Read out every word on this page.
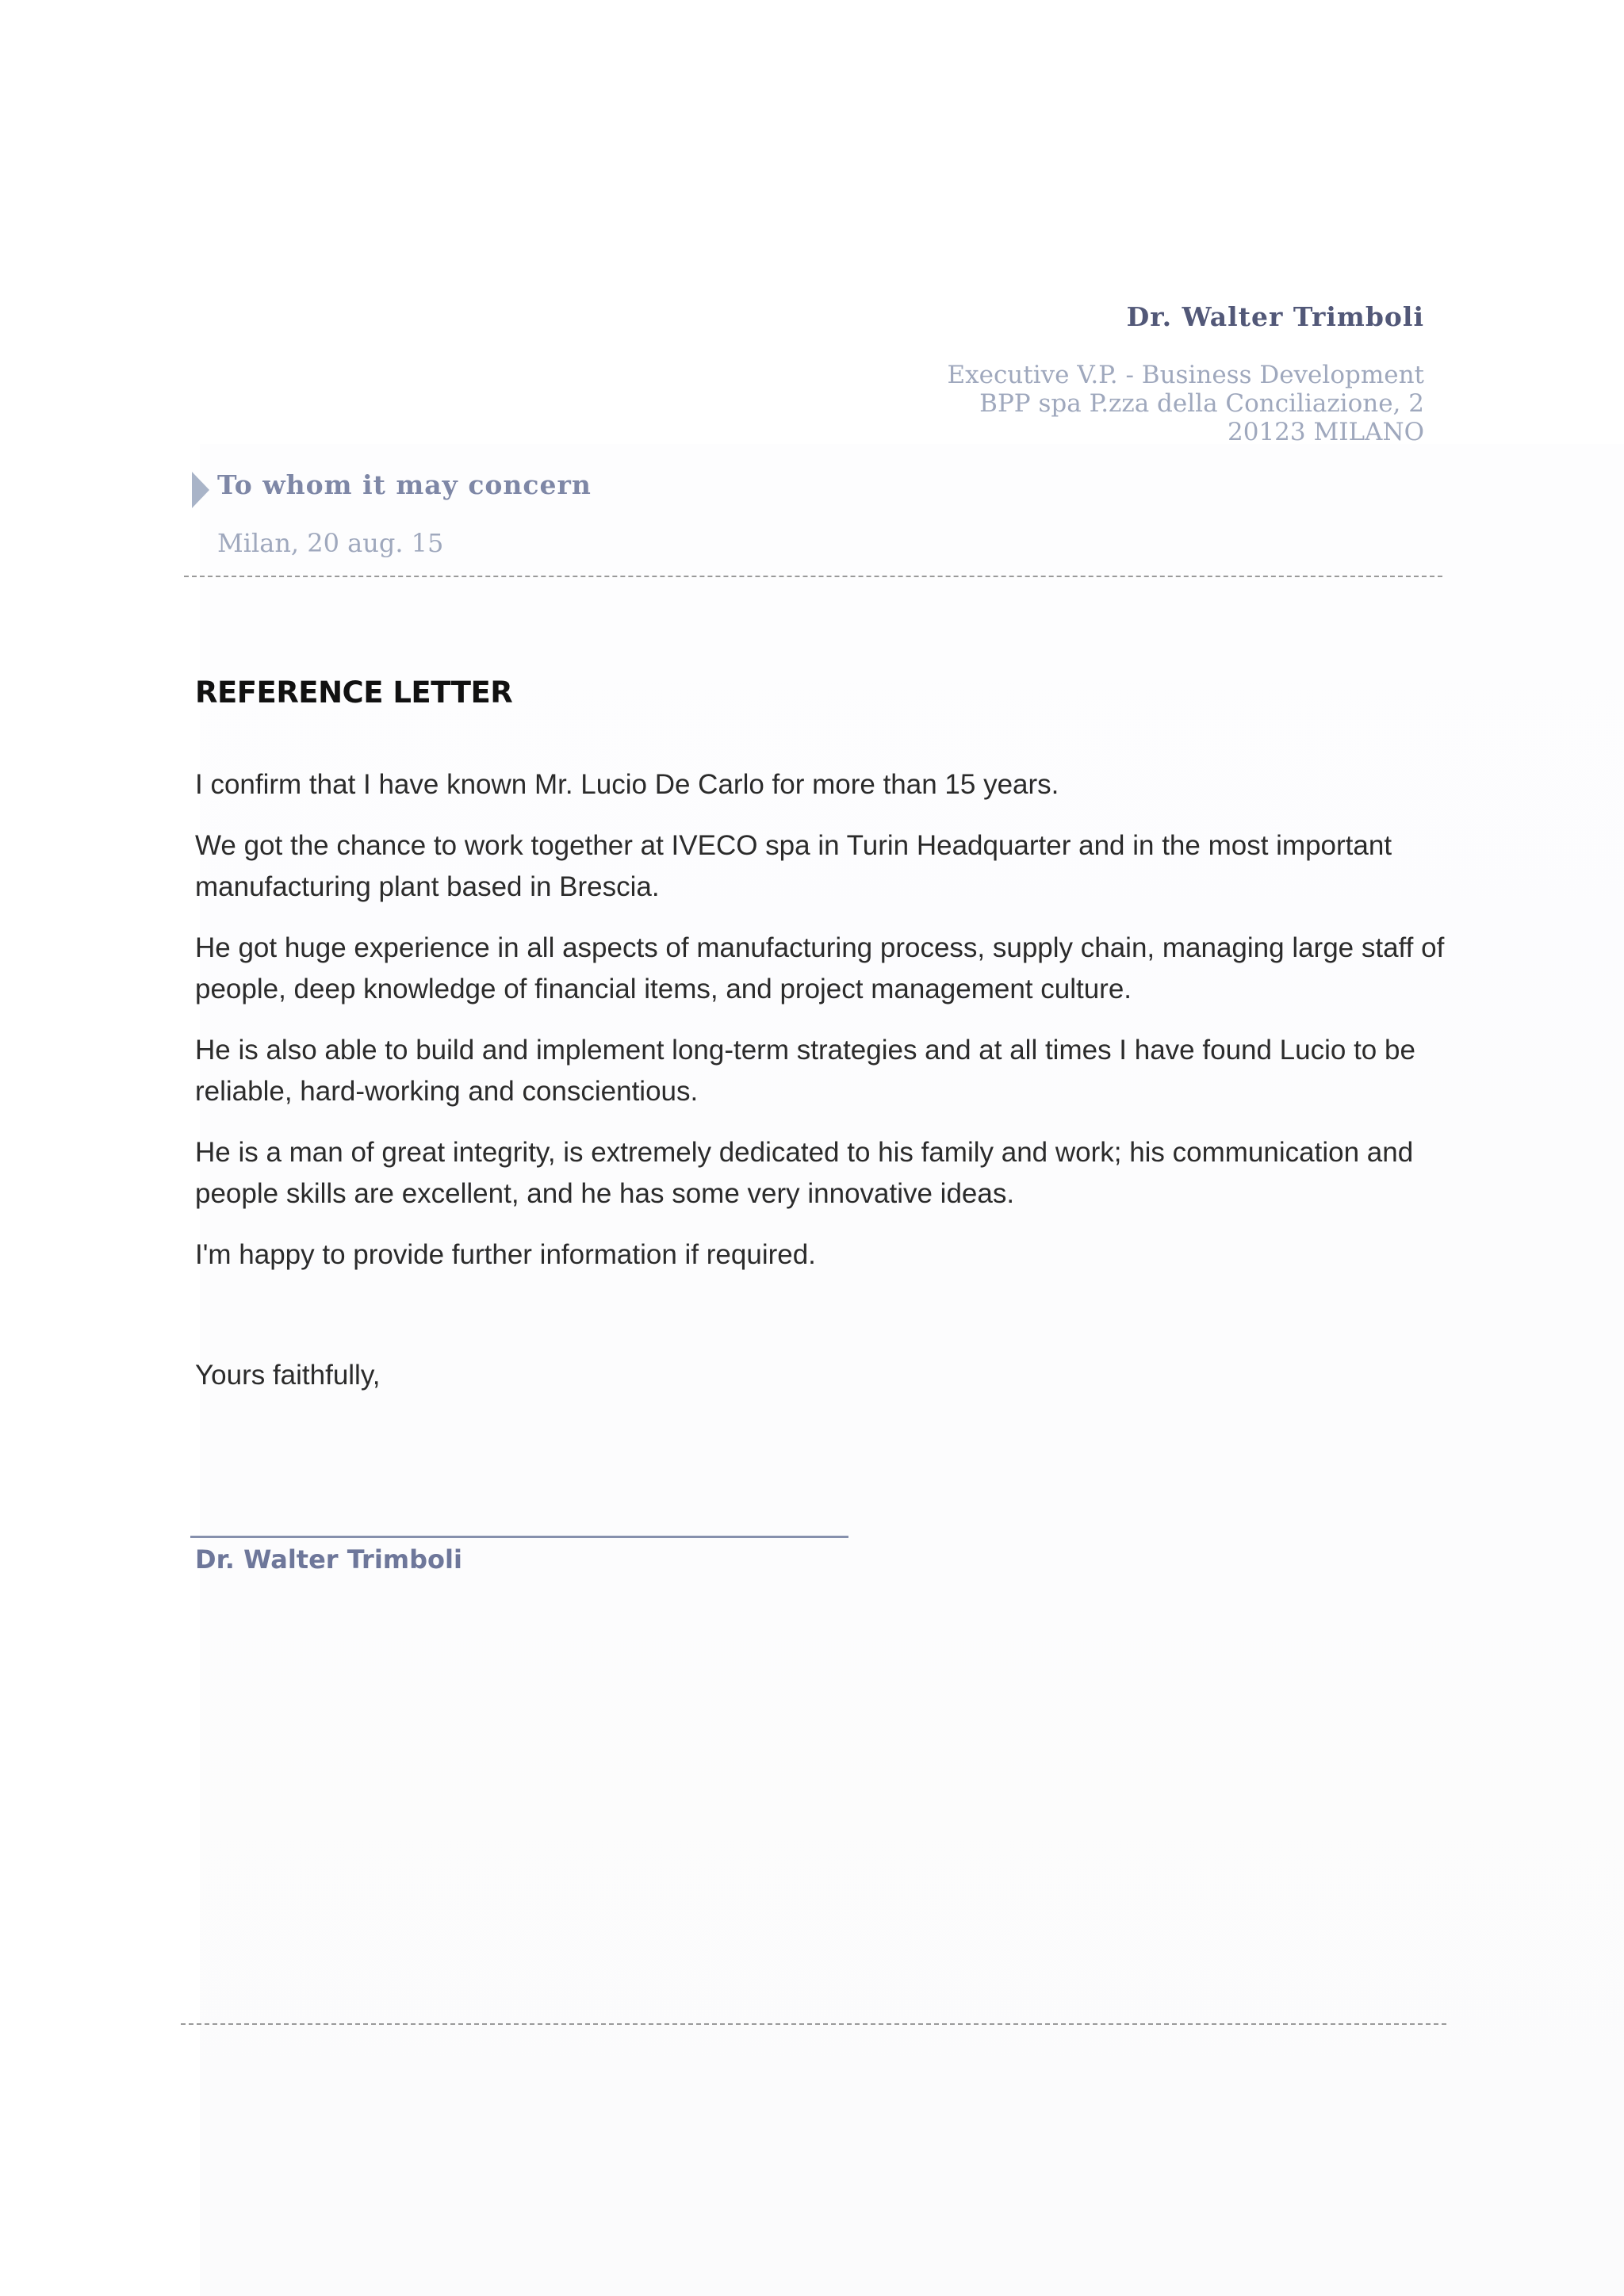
Dr. Walter Trimboli
Executive V.P. - Business Development
BPP spa P.zza della Conciliazione, 2
20123 MILANO
To whom it may concern
Milan, 20 aug. 15
REFERENCE LETTER

I confirm that I have known Mr. Lucio De Carlo for more than 15 years.

We got the chance to work together at IVECO spa in Turin Headquarter and in the most important manufacturing plant based in Brescia.

He got huge experience in all aspects of manufacturing process, supply chain, managing large staff of people, deep knowledge of financial items, and project management culture.

He is also able to build and implement long-term strategies and at all times I have found Lucio to be reliable, hard-working and conscientious.

He is a man of great integrity, is extremely dedicated to his family and work; his communication and people skills are excellent, and he has some very innovative ideas.

I'm happy to provide further information if required.

Yours faithfully,
Dr. Walter Trimboli
